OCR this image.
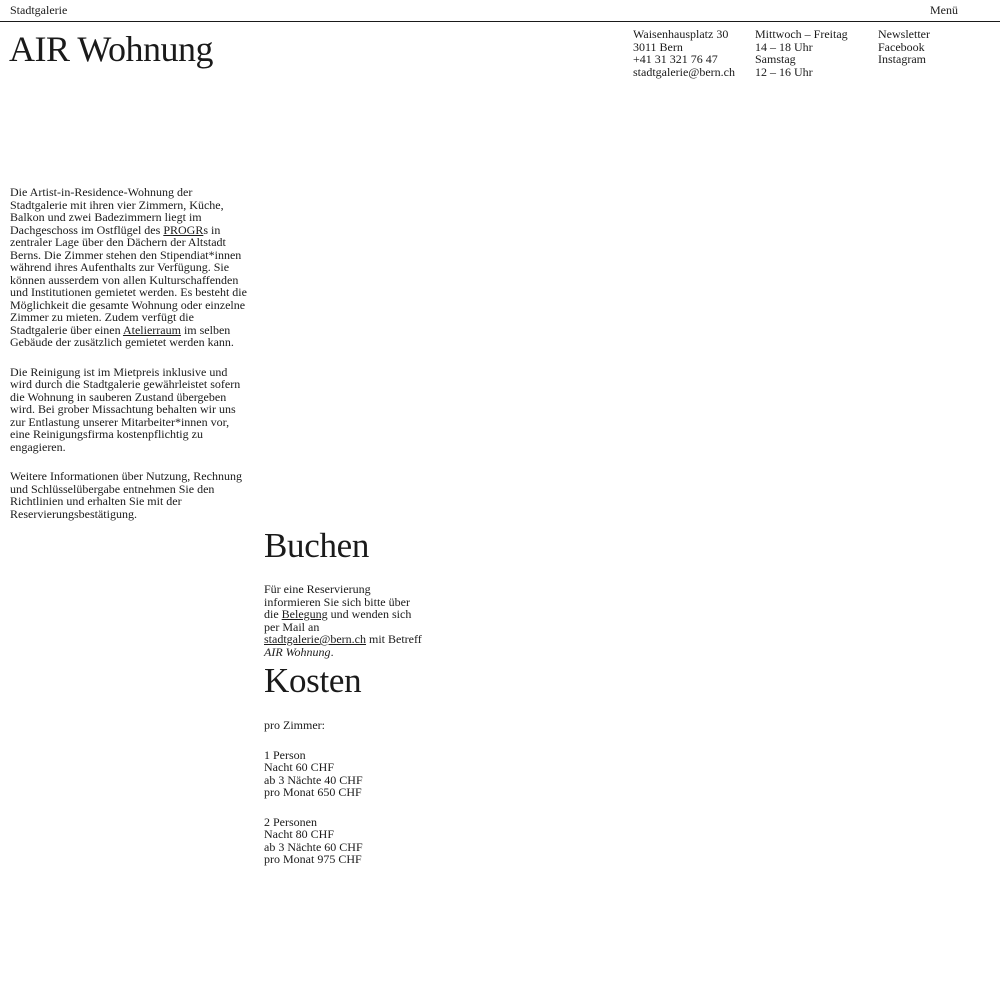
Stadtgalerie	Menü
AIR Wohnung	Waisenhausplatz 30
3011 Bern
+41 31 321 76 47
stadtgalerie@bern.ch
Mittwoch – Freitag
14 – 18 Uhr
Samstag
12 – 16 Uhr
Newsletter
Facebook
Instagram

Die Artist-in-Residence-Wohnung der Stadtgalerie mit ihren vier Zimmern, Küche, Balkon und zwei Badezimmern liegt im Dachgeschoss im Ostflügel des PROGRs in zentraler Lage über den Dächern der Altstadt Berns. Die Zimmer stehen den Stipendiat*innen während ihres Aufenthalts zur Verfügung. Sie können ausserdem von allen Kulturschaffenden und Institutionen gemietet werden. Es besteht die Möglichkeit die gesamte Wohnung oder einzelne Zimmer zu mieten. Zudem verfügt die Stadtgalerie über einen Atelierraum im selben Gebäude der zusätzlich gemietet werden kann.

Die Reinigung ist im Mietpreis inklusive und wird durch die Stadtgalerie gewährleistet sofern die Wohnung in sauberen Zustand übergeben wird. Bei grober Missachtung behalten wir uns zur Entlastung unserer Mitarbeiter*innen vor, eine Reinigungsfirma kostenpflichtig zu engagieren.

Weitere Informationen über Nutzung, Rechnung und Schlüsselübergabe entnehmen Sie den Richtlinien und erhalten Sie mit der Reservierungsbestätigung.

Buchen
Für eine Reservierung informieren Sie sich bitte über die Belegung und wenden sich per Mail an stadtgalerie@bern.ch mit Betreff AIR Wohnung.
Kosten
pro Zimmer:
1 Person
Nacht 60 CHF
ab 3 Nächte 40 CHF
pro Monat 650 CHF
2 Personen
Nacht 80 CHF
ab 3 Nächte 60 CHF
pro Monat 975 CHF
